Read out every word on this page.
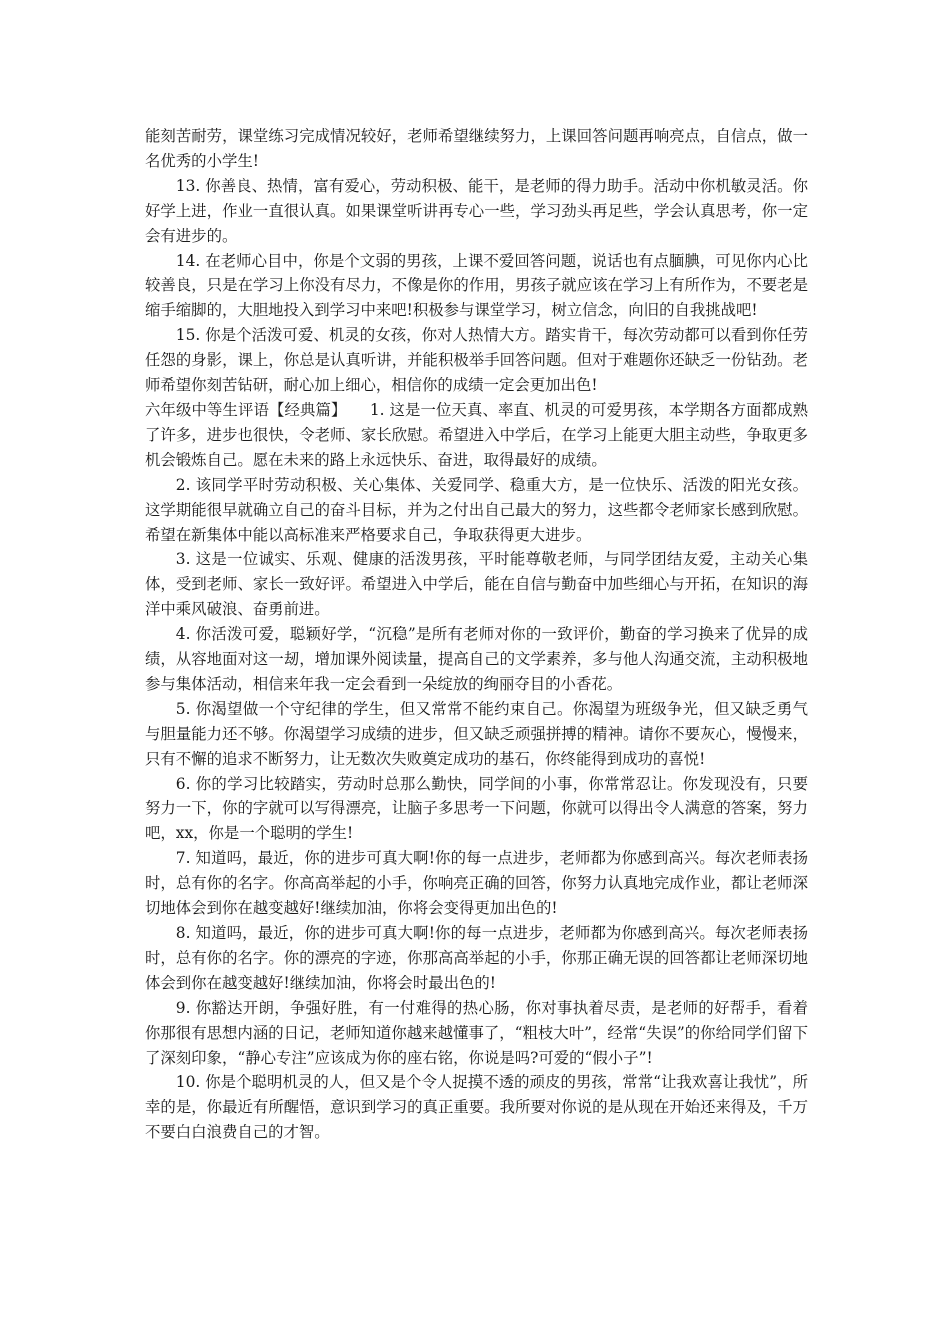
能刻苦耐劳，课堂练习完成情况较好，老师希望继续努力，上课回答问题再响亮点，自信点，做一名优秀的小学生!

13. 你善良、热情，富有爱心，劳动积极、能干，是老师的得力助手。活动中你机敏灵活。你好学上进，作业一直很认真。如果课堂听讲再专心一些，学习劲头再足些，学会认真思考，你一定会有进步的。

14. 在老师心目中，你是个文弱的男孩，上课不爱回答问题，说话也有点腼腆，可见你内心比较善良，只是在学习上你没有尽力，不像是你的作用，男孩子就应该在学习上有所作为，不要老是缩手缩脚的，大胆地投入到学习中来吧!积极参与课堂学习，树立信念，向旧的自我挑战吧!

15. 你是个活泼可爱、机灵的女孩，你对人热情大方。踏实肯干，每次劳动都可以看到你任劳任怨的身影，课上，你总是认真听讲，并能积极举手回答问题。但对于难题你还缺乏一份钻劲。老师希望你刻苦钻研，耐心加上细心，相信你的成绩一定会更加出色!

六年级中等生评语【经典篇】　　1. 这是一位天真、率直、机灵的可爱男孩，本学期各方面都成熟了许多，进步也很快，令老师、家长欣慰。希望进入中学后，在学习上能更大胆主动些，争取更多机会锻炼自己。愿在未来的路上永远快乐、奋进，取得最好的成绩。

2. 该同学平时劳动积极、关心集体、关爱同学、稳重大方，是一位快乐、活泼的阳光女孩。这学期能很早就确立自己的奋斗目标，并为之付出自己最大的努力，这些都令老师家长感到欣慰。希望在新集体中能以高标准来严格要求自己，争取获得更大进步。

3. 这是一位诚实、乐观、健康的活泼男孩，平时能尊敬老师，与同学团结友爱，主动关心集体，受到老师、家长一致好评。希望进入中学后，能在自信与勤奋中加些细心与开拓，在知识的海洋中乘风破浪、奋勇前进。

4. 你活泼可爱，聪颖好学，“沉稳”是所有老师对你的一致评价，勤奋的学习换来了优异的成绩，从容地面对这一刼，增加课外阅读量，提高自己的文学素养，多与他人沟通交流，主动积极地参与集体活动，相信来年我一定会看到一朵绽放的绚丽夺目的小香花。

5. 你渴望做一个守纪律的学生，但又常常不能约束自己。你渴望为班级争光，但又缺乏勇气与胆量能力还不够。你渴望学习成绩的进步，但又缺乏顽强拼搏的精神。请你不要灰心，慢慢来，只有不懈的追求不断努力，让无数次失败奠定成功的基石，你终能得到成功的喜悦!

6. 你的学习比较踏实，劳动时总那么勤快，同学间的小事，你常常忍让。你发现没有，只要努力一下，你的字就可以写得漂亮，让脑子多思考一下问题，你就可以得出令人满意的答案，努力吧，xx，你是一个聪明的学生!

7. 知道吗，最近，你的进步可真大啊!你的每一点进步，老师都为你感到高兴。每次老师表扬时，总有你的名字。你高高举起的小手，你响亮正确的回答，你努力认真地完成作业，都让老师深切地体会到你在越变越好!继续加油，你将会变得更加出色的!

8. 知道吗，最近，你的进步可真大啊!你的每一点进步，老师都为你感到高兴。每次老师表扬时，总有你的名字。你的漂亮的字迹，你那高高举起的小手，你那正确无误的回答都让老师深切地体会到你在越变越好!继续加油，你将会时最出色的!

9. 你豁达开朗，争强好胜，有一付难得的热心肠，你对事执着尽责，是老师的好帮手，看着你那很有思想内涵的日记，老师知道你越来越懂事了，“粗枝大叶”，经常“失误”的你给同学们留下了深刻印象，“静心专注”应该成为你的座右铭，你说是吗?可爱的“假小子”!

10. 你是个聪明机灵的人，但又是个令人捉摸不透的顽皮的男孩，常常“让我欢喜让我忧”，所幸的是，你最近有所醒悟，意识到学习的真正重要。我所要对你说的是从现在开始还来得及，千万不要白白浪费自己的才智。
